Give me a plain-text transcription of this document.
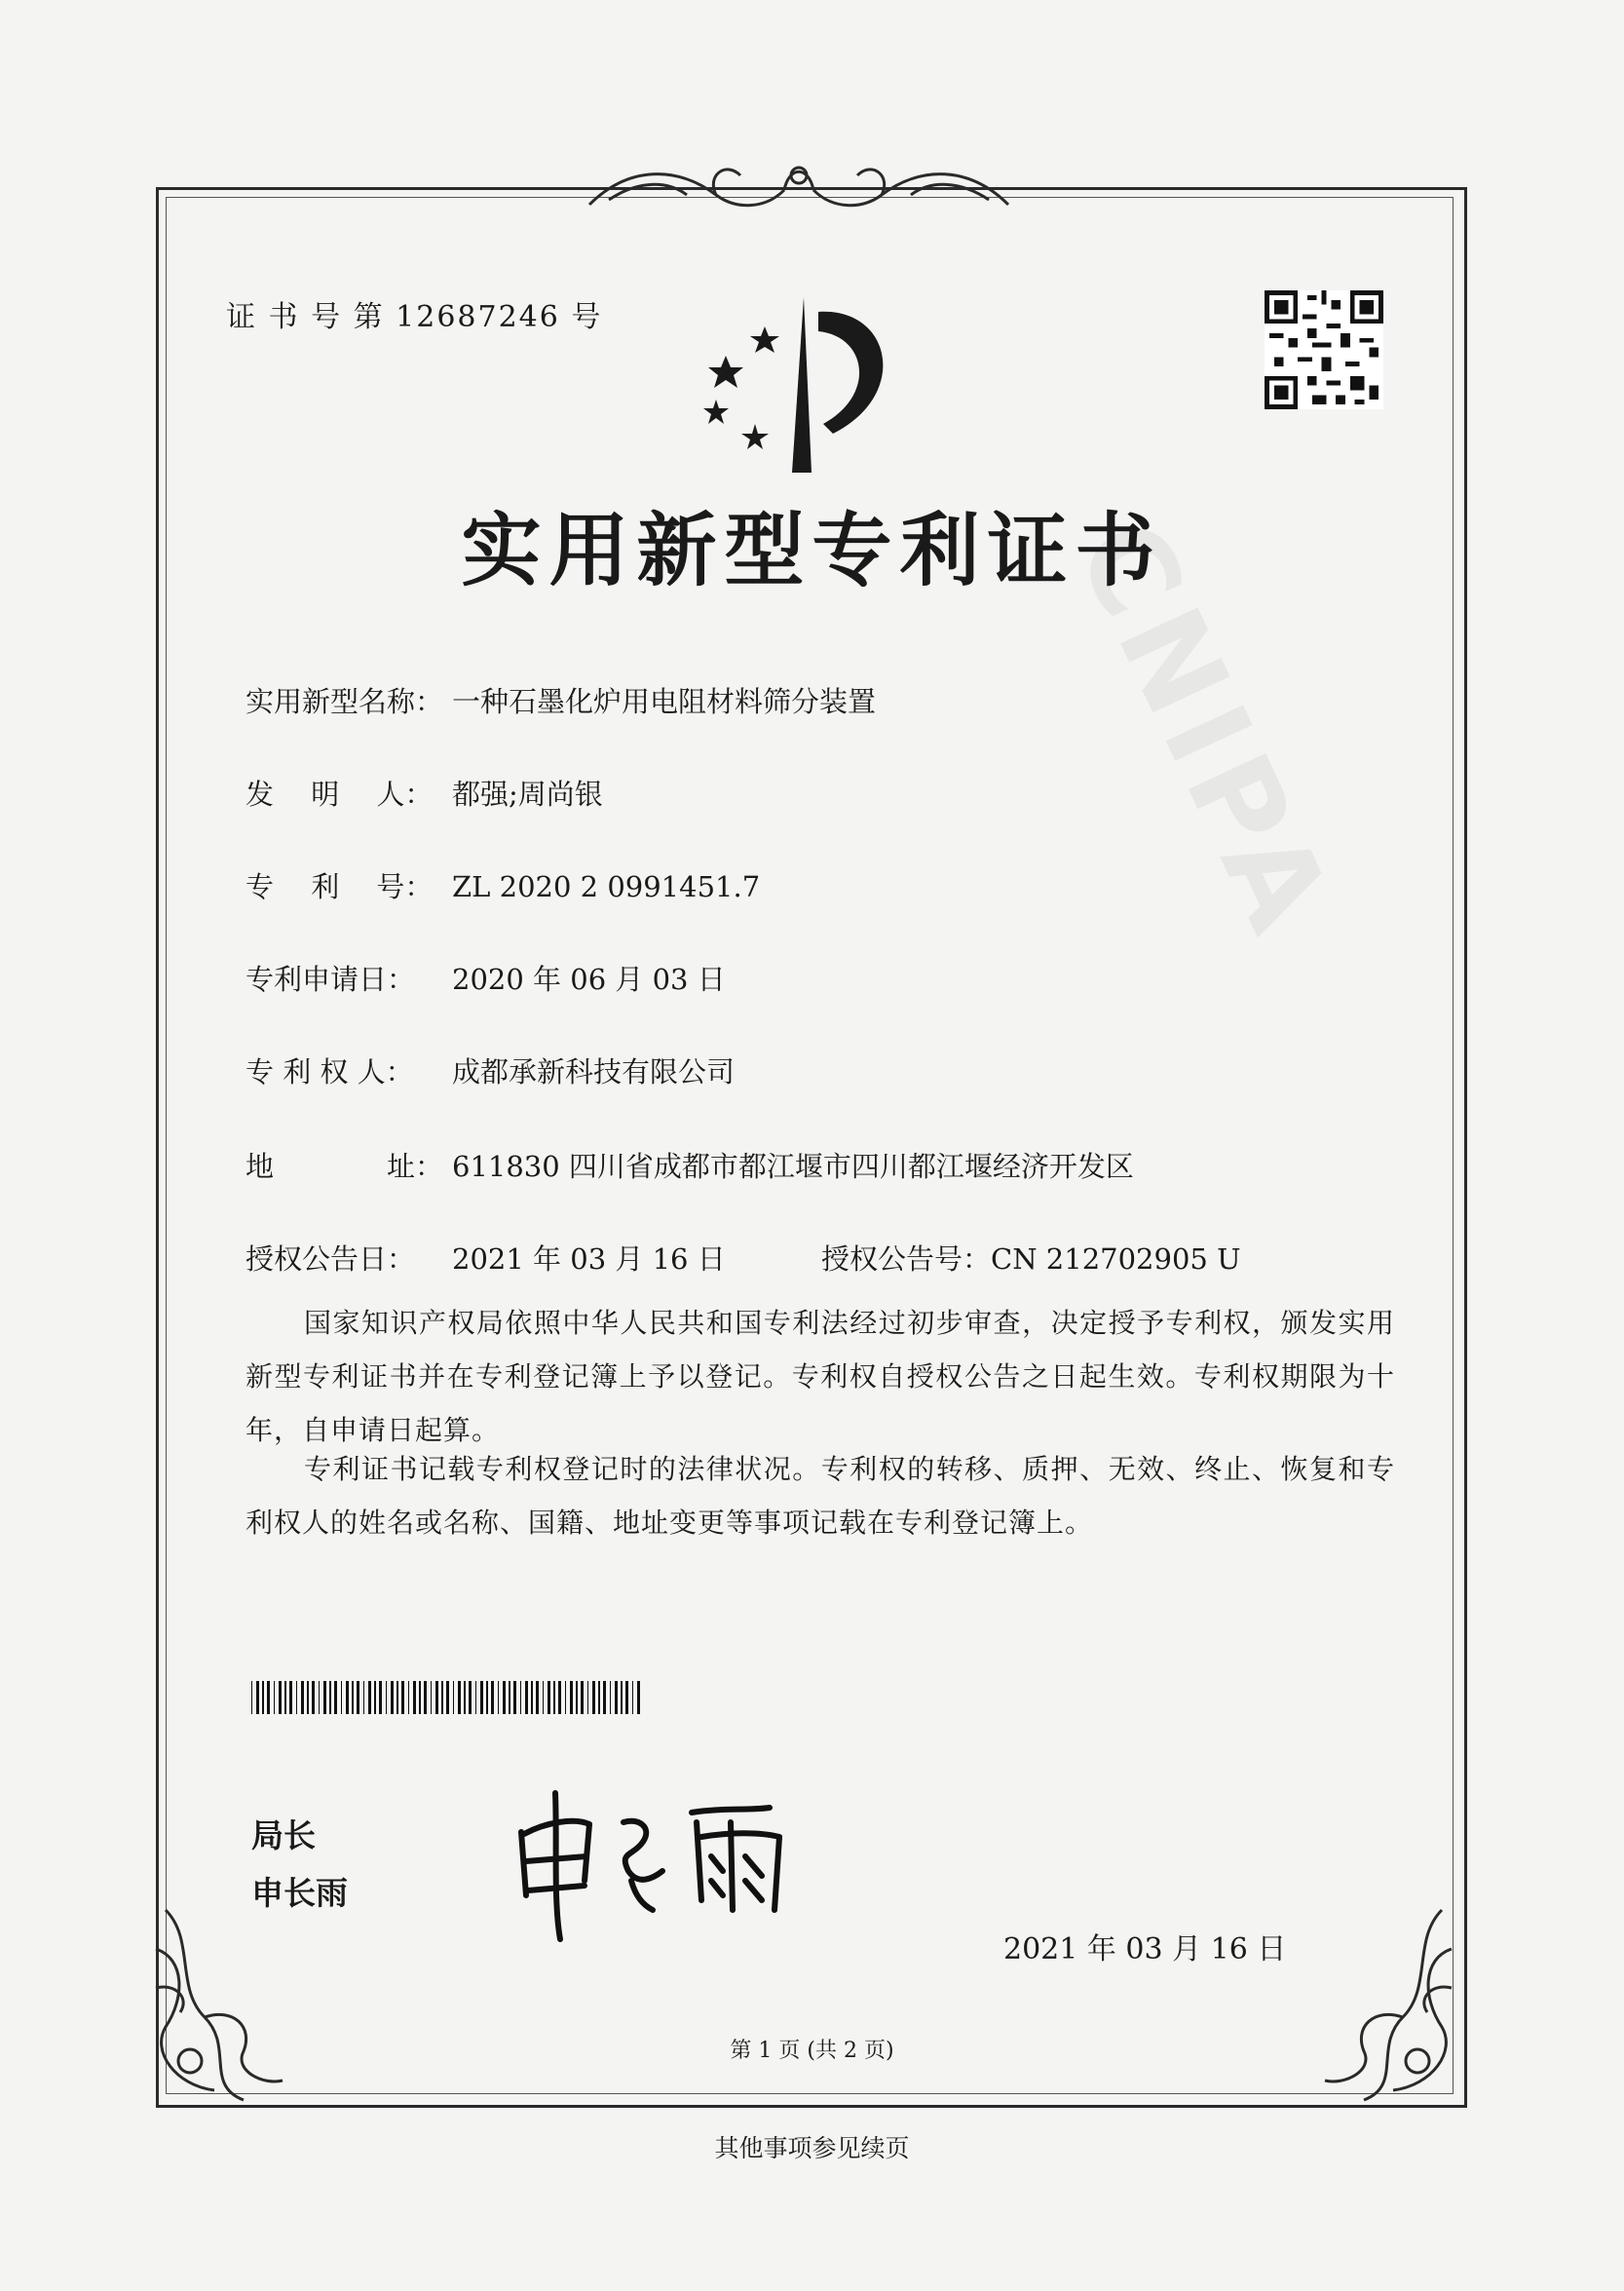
CNIPA
证 书 号 第 12687246 号
实用新型专利证书
实用新型名称： 一种石墨化炉用电阻材料筛分装置
发　 明　 人： 都强;周尚银
专　 利　 号： ZL 2020 2 0991451.7
专利申请日： 2020 年 06 月 03 日
专 利 权 人： 成都承新科技有限公司
地　　　　址： 611830 四川省成都市都江堰市四川都江堰经济开发区
授权公告日： 2021 年 03 月 16 日	授权公告号：CN 212702905 U
国家知识产权局依照中华人民共和国专利法经过初步审查，决定授予专利权，颁发实用新型专利证书并在专利登记簿上予以登记。专利权自授权公告之日起生效。专利权期限为十年，自申请日起算。
专利证书记载专利权登记时的法律状况。专利权的转移、质押、无效、终止、恢复和专利权人的姓名或名称、国籍、地址变更等事项记载在专利登记簿上。
局长
申长雨
2021 年 03 月 16 日
第 1 页 (共 2 页)
其他事项参见续页
